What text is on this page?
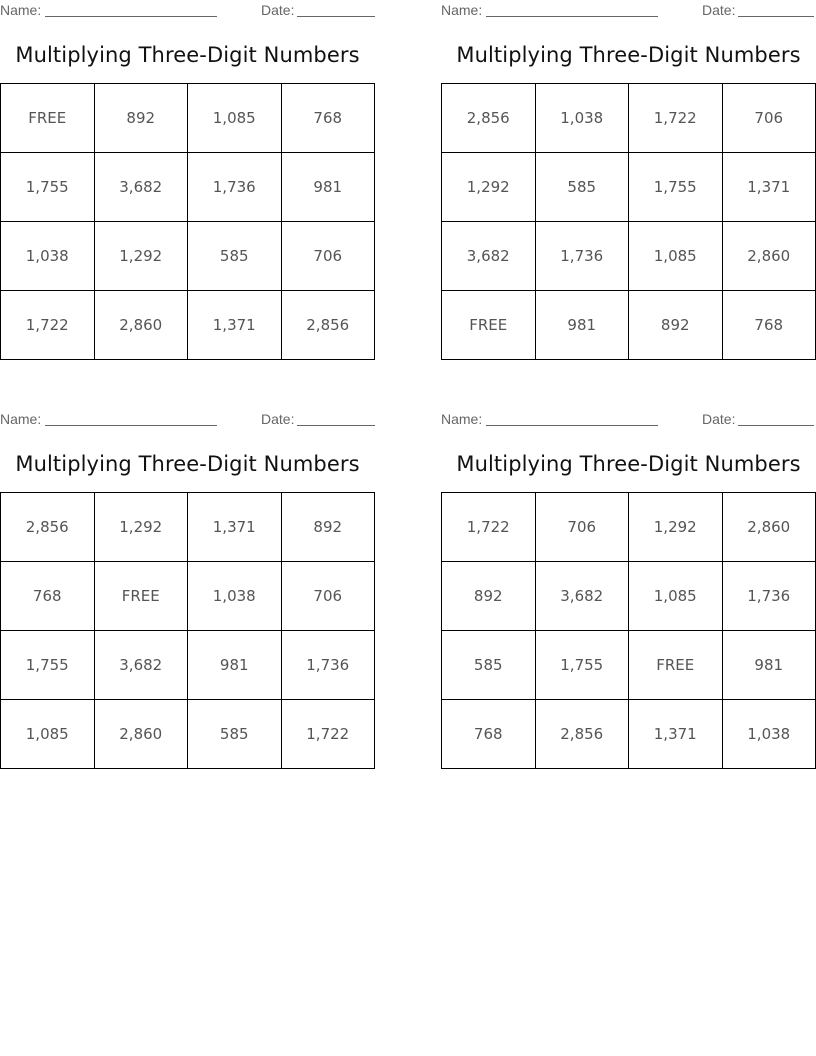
Name:	Date:
Multiplying Three-Digit Numbers
FREE	892	1,085	768
1,755	3,682	1,736	981
1,038	1,292	585	706
1,722	2,860	1,371	2,856
Name:	Date:
Multiplying Three-Digit Numbers
2,856	1,038	1,722	706
1,292	585	1,755	1,371
3,682	1,736	1,085	2,860
FREE	981	892	768
Name:	Date:
Multiplying Three-Digit Numbers
2,856	1,292	1,371	892
768	FREE	1,038	706
1,755	3,682	981	1,736
1,085	2,860	585	1,722
Name:	Date:
Multiplying Three-Digit Numbers
1,722	706	1,292	2,860
892	3,682	1,085	1,736
585	1,755	FREE	981
768	2,856	1,371	1,038
